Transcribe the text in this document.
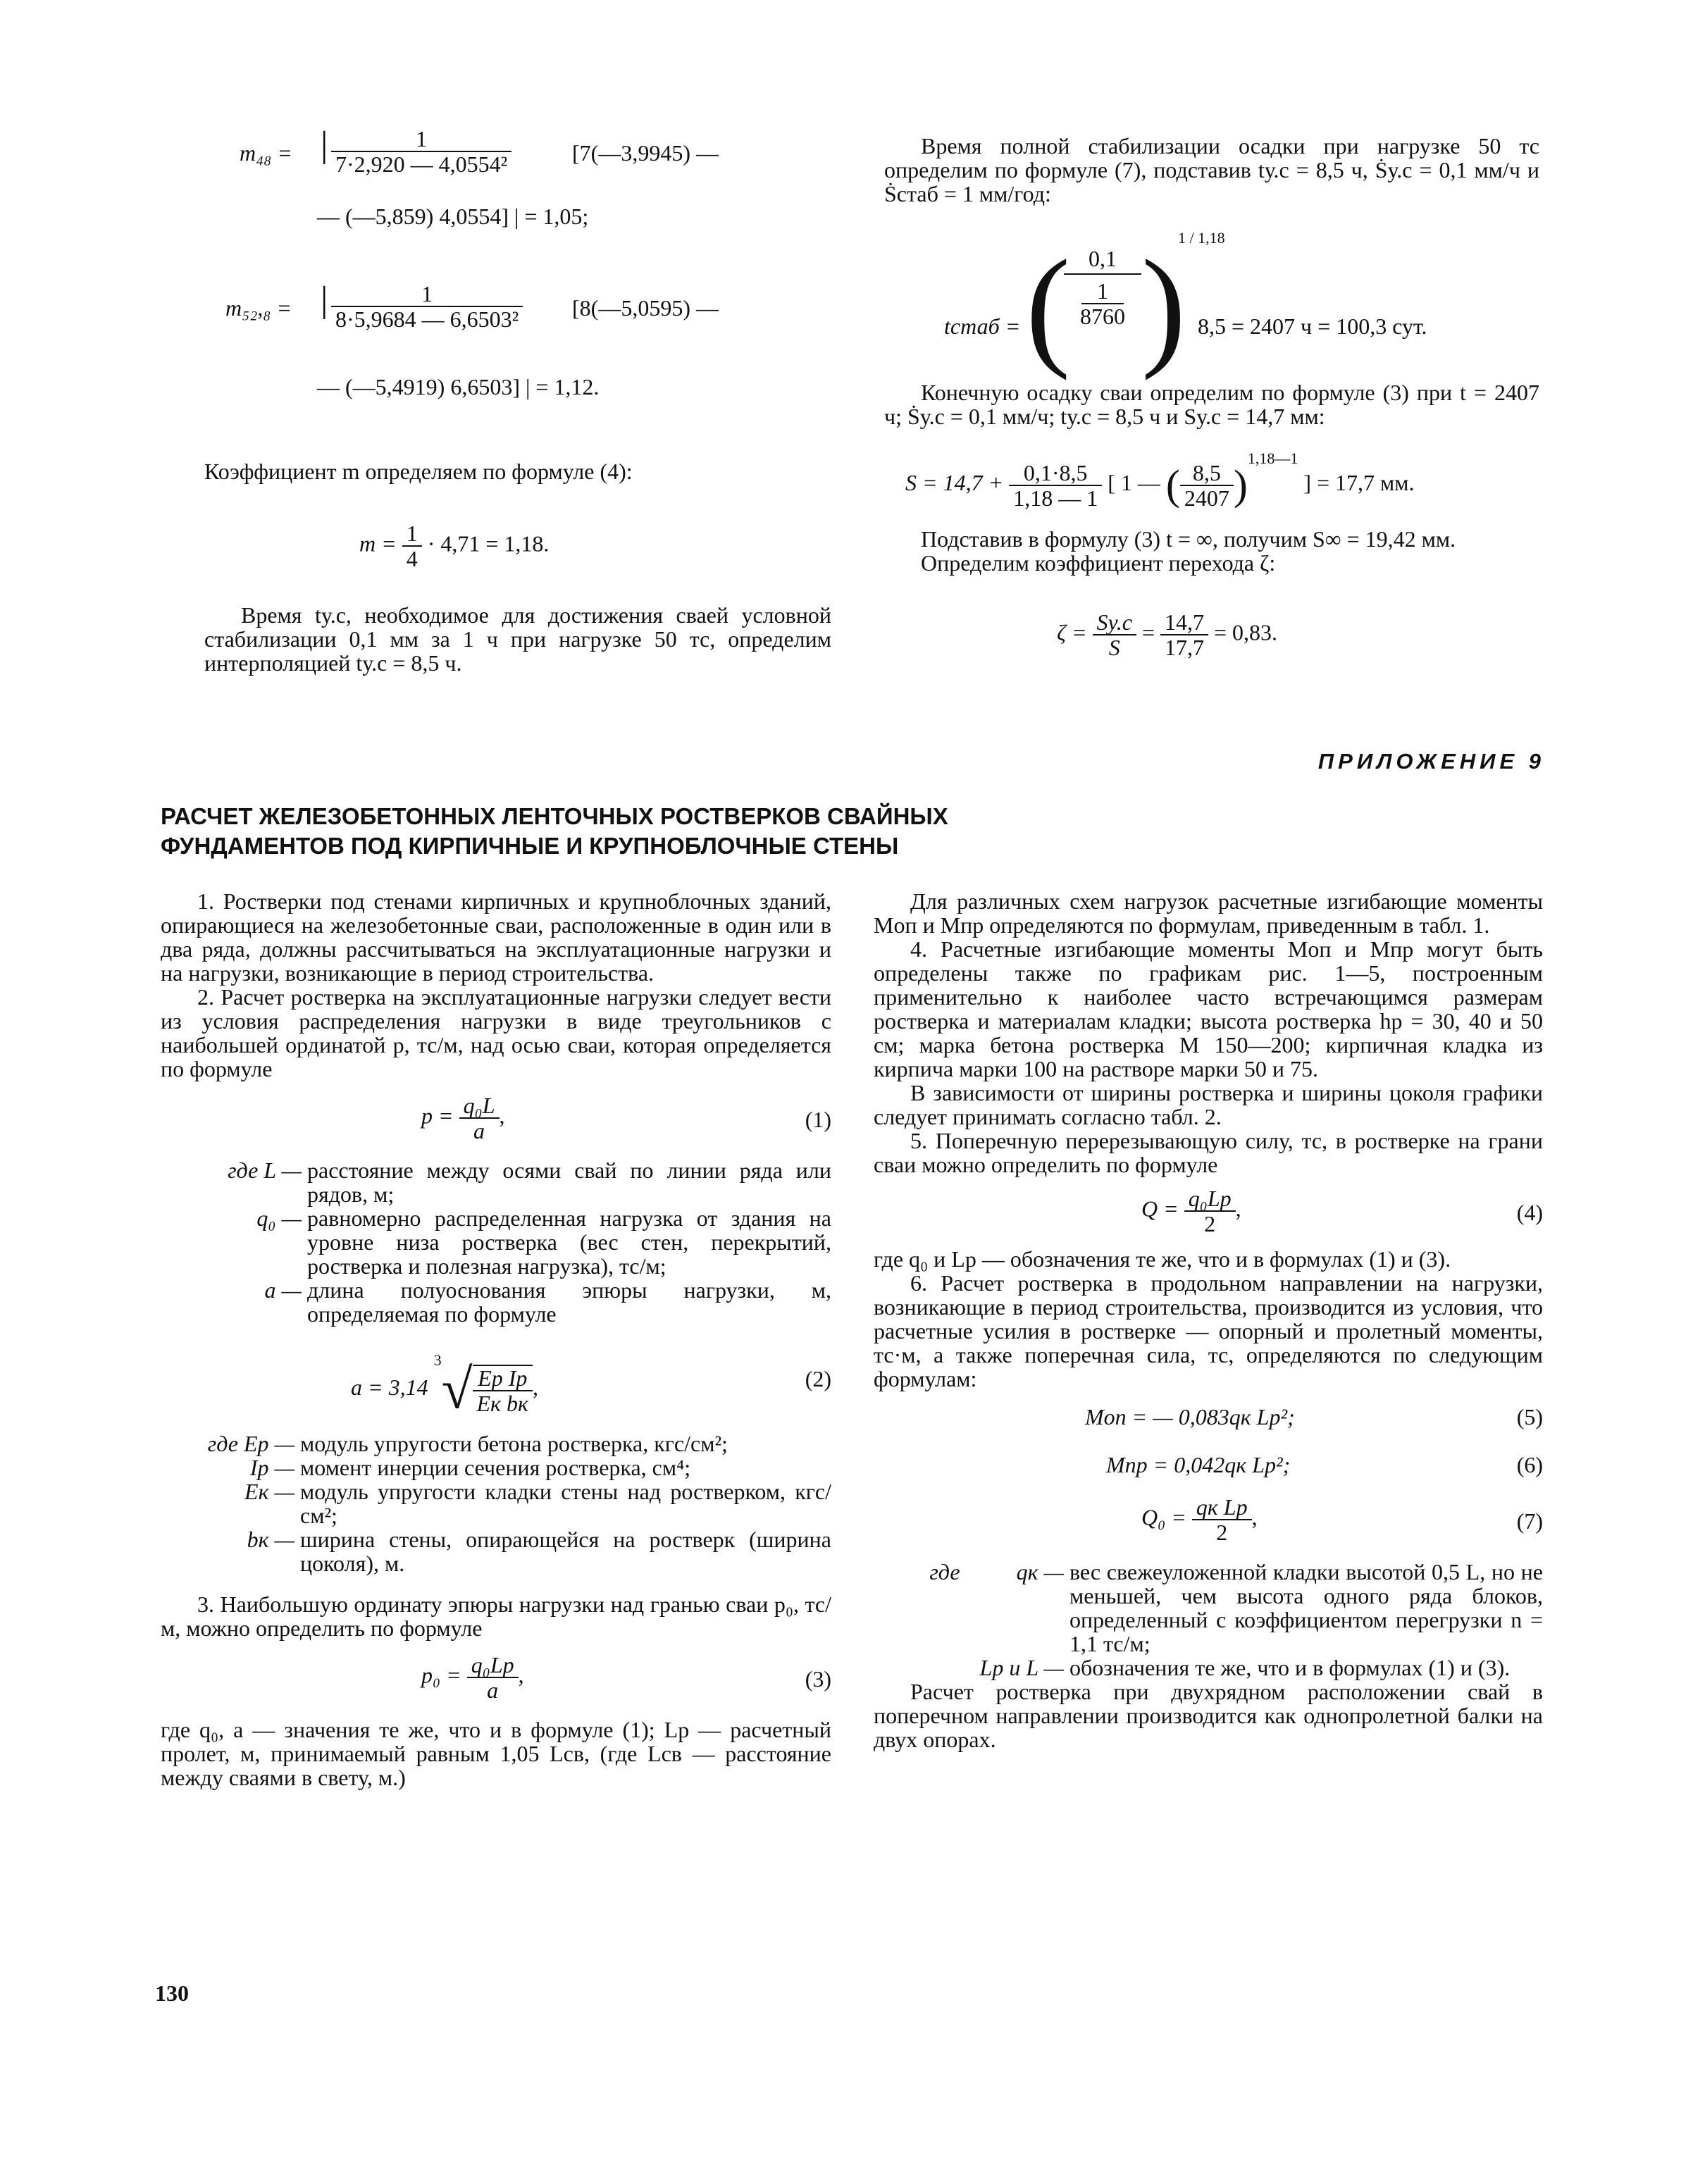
m₄₈ = | $\frac{1}{\text{7·2,920 — 4,0554²}}$	[7(—3,9945) —
— (—5,859) 4,0554] | = 1,05;
m₅₂,₈ = | $\frac{1}{\text{8·5,9684 — 6,6503²}}$ [8(—5,0595) —
— (—5,4919) 6,6503] | = 1,12.
Коэффициент m определяем по формуле (4):
$m = \frac{1}{4} \cdot 4,71 = 1,18$.

Время tу.с, необходимое для достижения сваей условной стабилизации 0,1 мм за 1 ч при нагрузке 50 тс, определим интерполяцией tу.с = 8,5 ч.

Время полной стабилизации осадки при нагрузке 50 тс определим по формуле (7), подставив tу.с = 8,5 ч, Ṡу.с = 0,1 мм/ч и Ṡстаб = 1 мм/год:

tстаб = ( 0,1
1
8760 )
1 / 1,18
8,5 = 2407 ч = 100,3 сут.

Конечную осадку сваи определим по формуле (3) при t = 2407 ч; Ṡу.с = 0,1 мм/ч; tу.с = 8,5 ч и Sу.с = 14,7 мм:

$S = 14,7 + \frac{0,1\cdot 8,5}{1,18 — 1}$ [ 1 — ( $\frac{8,5}{2407} )^{1,18—1}$ ] = 17,7 мм.

Подставив в формулу (3) t = ∞, получим S∞ = 19,42 мм.

Определим коэффициент перехода ζ:

ζ = Sу.с
S
= $\frac{14,7}{17,7} = 0,83$.
ПРИЛОЖЕНИЕ 9
РАСЧЕТ ЖЕЛЕЗОБЕТОННЫХ ЛЕНТОЧНЫХ РОСТВЕРКОВ СВАЙНЫХ
ФУНДАМЕНТОВ ПОД КИРПИЧНЫЕ И КРУПНОБЛОЧНЫЕ СТЕНЫ

1. Ростверки под стенами кирпичных и крупноблочных зданий, опирающиеся на железобетонные сваи, расположенные в один или в два ряда, должны рассчитываться на эксплуатационные нагрузки и на нагрузки, возникающие в период строительства.

2. Расчет ростверка на эксплуатационные нагрузки следует вести из условия распределения нагрузки в виде треугольников с наибольшей ординатой p, тс/м, над осью сваи, которая определяется по формуле

$p = \frac{\text{q₀L}}{a}$ ,	(1)
где L — расстояние между осями свай по линии ряда или рядов, м;
q₀ — равномерно распределенная нагрузка от здания на уровне низа ростверка (вес стен, перекрытий, ростверка и полезная нагрузка), тс/м;
a — длина полуоснования эпюры нагрузки, м, определяемая по формуле
a = 3,14 $^3$√ Eр Iр
Eк bк
,	(2)
где Eр — модуль упругости бетона ростверка, кгс/см²;
Iр — момент инерции сечения ростверка, см⁴;
Eк — модуль упругости кладки стены над ростверком, кгс/см²;
bк — ширина стены, опирающейся на ростверк (ширина цоколя), м.

3. Наибольшую ординату эпюры нагрузки над гранью сваи p₀, тс/м, можно определить по формуле

p₀ = q₀Lр
a
,	(3)

где q₀, a — значения те же, что и в формуле (1); Lр — расчетный пролет, м, принимаемый равным 1,05 Lсв, (где Lсв — расстояние между сваями в свету, м.)

Для различных схем нагрузок расчетные изгибающие моменты Mоп и Mпр определяются по формулам, приведенным в табл. 1.

4. Расчетные изгибающие моменты Mоп и Mпр могут быть определены также по графикам рис. 1—5, построенным применительно к наиболее часто встречающимся размерам ростверка и материалам кладки; высота ростверка hр = 30, 40 и 50 см; марка бетона ростверка М 150—200; кирпичная кладка из кирпича марки 100 на растворе марки 50 и 75.

В зависимости от ширины ростверка и ширины цоколя графики следует принимать согласно табл. 2.

5. Поперечную перерезывающую силу, тс, в ростверке на грани сваи можно определить по формуле

Q = q₀Lр
2
,	(4)

где q₀ и Lр — обозначения те же, что и в формулах (1) и (3).

6. Расчет ростверка в продольном направлении на нагрузки, возникающие в период строительства, производится из условия, что расчетные усилия в ростверке — опорный и пролетный моменты, тс·м, а также поперечная сила, тс, определяются по следующим формулам:

Mоп = — 0,083qк Lр²;	(5)
Mпр = 0,042qк Lр²;	(6)
Q₀ = qк Lр
2
,	(7)
где          qк — вес свежеуложенной кладки высотой 0,5 L, но не меньшей, чем высота одного ряда блоков, определенный с коэффициентом перегрузки n = 1,1 тс/м;
Lр и L — обозначения те же, что и в формулах (1) и (3).

Расчет ростверка при двухрядном расположении свай в поперечном направлении производится как однопролетной балки на двух опорах.

130
